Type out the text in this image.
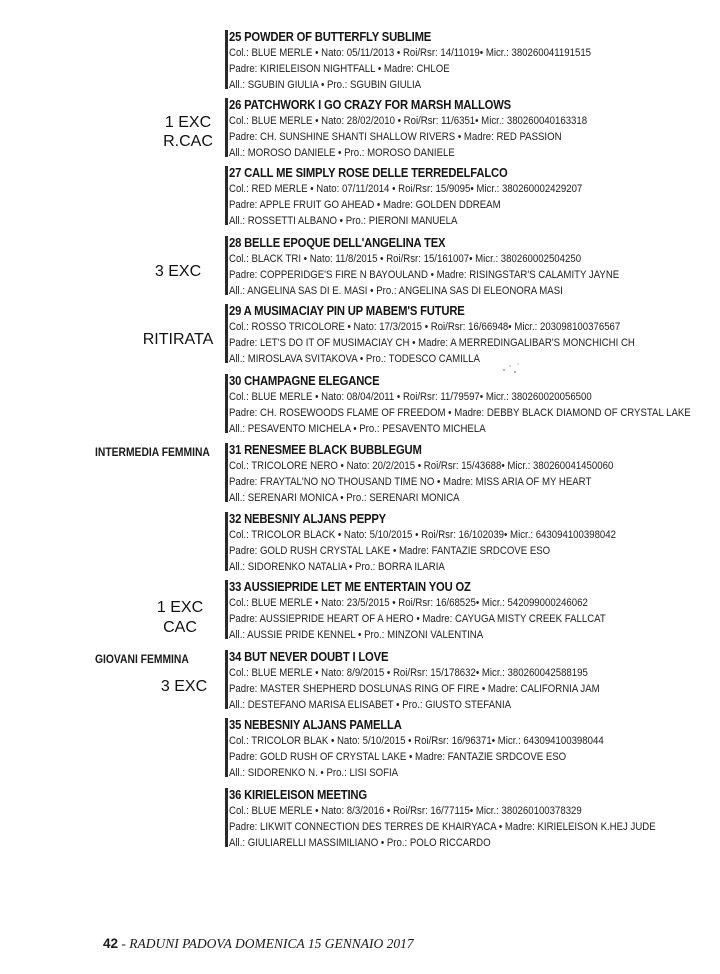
25 POWDER OF BUTTERFLY SUBLIME
Col.: BLUE MERLE • Nato: 05/11/2013 • Roi/Rsr: 14/11019• Micr.: 380260041191515
Padre: KIRIELEISON NIGHTFALL • Madre: CHLOE
All.: SGUBIN GIULIA • Pro.: SGUBIN GIULIA
26 PATCHWORK I GO CRAZY FOR MARSH MALLOWS
Col.: BLUE MERLE • Nato: 28/02/2010 • Roi/Rsr: 11/6351• Micr.: 380260040163318
Padre: CH. SUNSHINE SHANTI SHALLOW RIVERS • Madre: RED PASSION
All.: MOROSO DANIELE • Pro.: MOROSO DANIELE
27 CALL ME SIMPLY ROSE DELLE TERREDELFALCO
Col.: RED MERLE • Nato: 07/11/2014 • Roi/Rsr: 15/9095• Micr.: 380260002429207
Padre: APPLE FRUIT GO AHEAD • Madre: GOLDEN DDREAM
All.: ROSSETTI ALBANO • Pro.: PIERONI MANUELA
28 BELLE EPOQUE DELL'ANGELINA TEX
Col.: BLACK TRI • Nato: 11/8/2015 • Roi/Rsr: 15/161007• Micr.: 380260002504250
Padre: COPPERIDGE'S FIRE N BAYOULAND • Madre: RISINGSTAR'S CALAMITY JAYNE
All.: ANGELINA SAS DI E. MASI • Pro.: ANGELINA SAS DI ELEONORA MASI
29 A MUSIMACIAY PIN UP MABEM'S FUTURE
Col.: ROSSO TRICOLORE • Nato: 17/3/2015 • Roi/Rsr: 16/66948• Micr.: 203098100376567
Padre: LET'S DO IT OF MUSIMACIAY CH • Madre: A MERREDINGALIBAR'S MONCHICHI CH
All.: MIROSLAVA SVITAKOVA • Pro.: TODESCO CAMILLA
30 CHAMPAGNE ELEGANCE
Col.: BLUE MERLE • Nato: 08/04/2011 • Roi/Rsr: 11/79597• Micr.: 380260020056500
Padre: CH. ROSEWOODS FLAME OF FREEDOM • Madre: DEBBY BLACK DIAMOND OF CRYSTAL LAKE
All.: PESAVENTO MICHELA • Pro.: PESAVENTO MICHELA
31 RENESMEE BLACK BUBBLEGUM
Col.: TRICOLORE NERO • Nato: 20/2/2015 • Roi/Rsr: 15/43688• Micr.: 380260041450060
Padre: FRAYTAL'NO NO THOUSAND TIME NO • Madre: MISS ARIA OF MY HEART
All.: SERENARI MONICA • Pro.: SERENARI MONICA
32 NEBESNIY ALJANS PEPPY
Col.: TRICOLOR BLACK • Nato: 5/10/2015 • Roi/Rsr: 16/102039• Micr.: 643094100398042
Padre: GOLD RUSH CRYSTAL LAKE • Madre: FANTAZIE SRDCOVE ESO
All.: SIDORENKO NATALIA • Pro.: BORRA ILARIA
33 AUSSIEPRIDE LET ME ENTERTAIN YOU OZ
Col.: BLUE MERLE • Nato: 23/5/2015 • Roi/Rsr: 16/68525• Micr.: 542099000246062
Padre: AUSSIEPRIDE HEART OF A HERO • Madre: CAYUGA MISTY CREEK FALLCAT
All.: AUSSIE PRIDE KENNEL • Pro.: MINZONI VALENTINA
34 BUT NEVER DOUBT I LOVE
Col.: BLUE MERLE • Nato: 8/9/2015 • Roi/Rsr: 15/178632• Micr.: 380260042588195
Padre: MASTER SHEPHERD DOSLUNAS RING OF FIRE • Madre: CALIFORNIA JAM
All.: DESTEFANO MARISA ELISABET • Pro.: GIUSTO STEFANIA
35 NEBESNIY ALJANS PAMELLA
Col.: TRICOLOR BLAK • Nato: 5/10/2015 • Roi/Rsr: 16/96371• Micr.: 643094100398044
Padre: GOLD RUSH OF CRYSTAL LAKE • Madre: FANTAZIE SRDCOVE ESO
All.: SIDORENKO N. • Pro.: LISI SOFIA
36 KIRIELEISON MEETING
Col.: BLUE MERLE • Nato: 8/3/2016 • Roi/Rsr: 16/77115• Micr.: 380260100378329
Padre: LIKWIT CONNECTION DES TERRES DE KHAIRYACA • Madre: KIRIELEISON K.HEJ JUDE
All.: GIULIARELLI MASSIMILIANO • Pro.: POLO RICCARDO
1 EXC
R.CAC
3 EXC
RITIRATA
1 EXC
CAC
3 EXC
INTERMEDIA FEMMINA
GIOVANI FEMMINA
42 - RADUNI PADOVA DOMENICA 15 GENNAIO 2017
